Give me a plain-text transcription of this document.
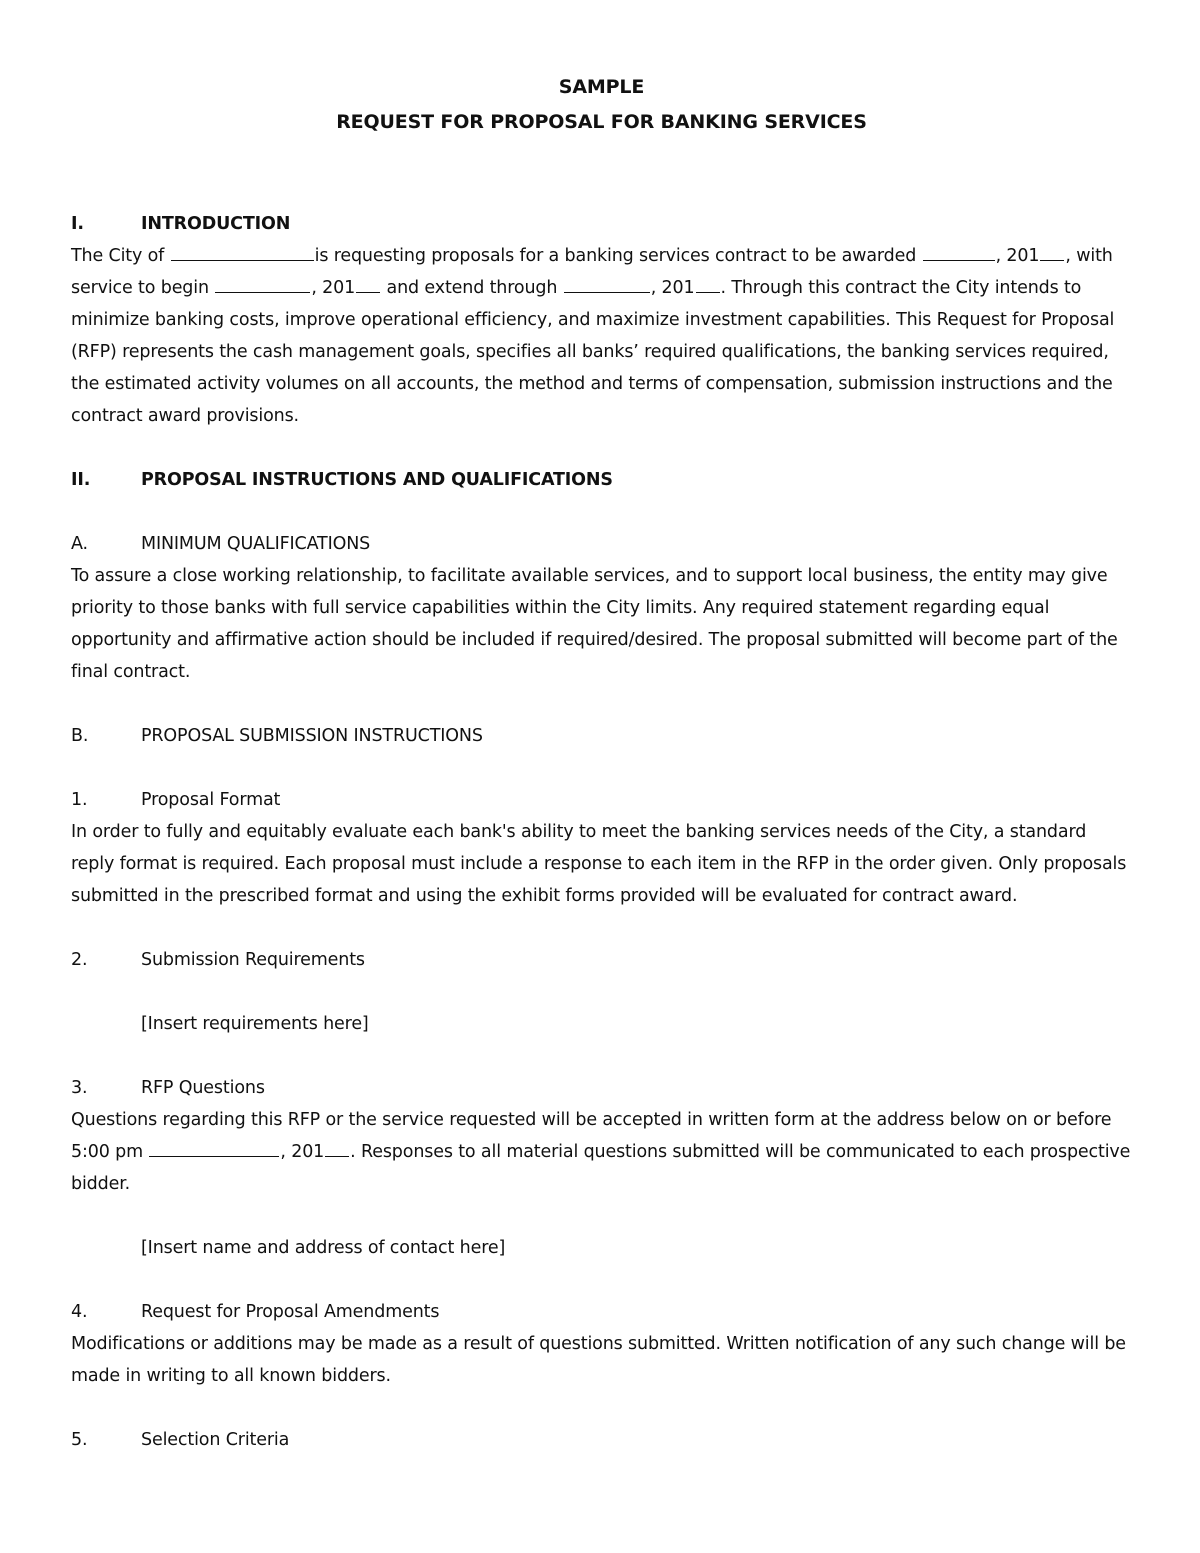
SAMPLE
REQUEST FOR PROPOSAL FOR BANKING SERVICES
I.	INTRODUCTION

The City of	is requesting proposals for a banking services contract to be awarded	, 201 , with service to begin	, 201 and extend through	, 201 . Through this contract the City intends to minimize banking costs, improve operational efficiency, and maximize investment capabilities. This Request for Proposal (RFP) represents the cash management goals, specifies all banks’ required qualifications, the banking services required, the estimated activity volumes on all accounts, the method and terms of compensation, submission instructions and the contract award provisions.

II.	PROPOSAL INSTRUCTIONS AND QUALIFICATIONS
A.	MINIMUM QUALIFICATIONS

To assure a close working relationship, to facilitate available services, and to support local business, the entity may give priority to those banks with full service capabilities within the City limits. Any required statement regarding equal opportunity and affirmative action should be included if required/desired. The proposal submitted will become part of the final contract.

B.	PROPOSAL SUBMISSION INSTRUCTIONS
1.	Proposal Format

In order to fully and equitably evaluate each bank's ability to meet the banking services needs of the City, a standard reply format is required. Each proposal must include a response to each item in the RFP in the order given. Only proposals submitted in the prescribed format and using the exhibit forms provided will be evaluated for contract award.

2.	Submission Requirements
[Insert requirements here]
3.	RFP Questions

Questions regarding this RFP or the service requested will be accepted in written form at the address below on or before 5:00 pm	, 201 . Responses to all material questions submitted will be communicated to each prospective bidder.

[Insert name and address of contact here]
4.	Request for Proposal Amendments

Modifications or additions may be made as a result of questions submitted. Written notification of any such change will be made in writing to all known bidders.

5.	Selection Criteria
